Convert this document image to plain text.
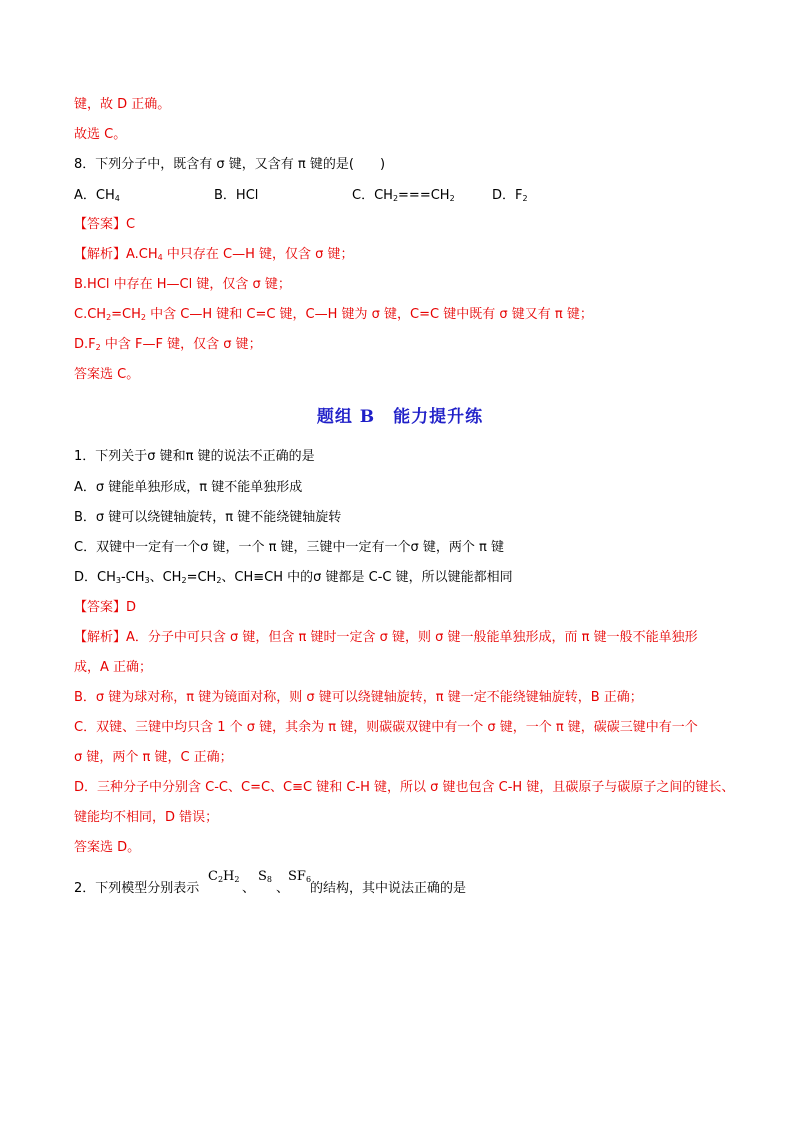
键，故 D 正确。
故选 C。
8．下列分子中，既含有 σ 键，又含有 π 键的是(　　)
A．$CH_4$	B．HCl	C．$CH_2===CH_2$	D．$F_2$
【答案】C
【解析】$A.CH_4$ 中只存在 C—H 键，仅含 σ 键；
B.HCl 中存在 H—Cl 键，仅含 σ 键；
$C.CH_2=CH_2$ 中含 C—H 键和 C=C 键，C—H 键为 σ 键，C=C 键中既有 σ 键又有 π 键；
$D.F_2$ 中含 F—F 键，仅含 σ 键；
答案选 C。
题组 B 能力提升练
1．下列关于σ 键和π 键的说法不正确的是
A．σ 键能单独形成，π 键不能单独形成
B．σ 键可以绕键轴旋转，π 键不能绕键轴旋转
C．双键中一定有一个σ 键，一个 π 键，三键中一定有一个σ 键，两个 π 键
D．$CH_3-CH_3$、$CH_2=CH_2$、CH≡CH 中的σ 键都是 C-C 键，所以键能都相同
【答案】D
【解析】A．分子中可只含 σ 键，但含 π 键时一定含 σ 键，则 σ 键一般能单独形成，而 π 键一般不能单独形
成，A 正确；
B．σ 键为球对称，π 键为镜面对称，则 σ 键可以绕键轴旋转，π 键一定不能绕键轴旋转，B 正确；
C．双键、三键中均只含 1 个 σ 键，其余为 π 键，则碳碳双键中有一个 σ 键，一个 π 键，碳碳三键中有一个
σ 键，两个 π 键，C 正确；
D．三种分子中分别含 C-C、C=C、C≡C 键和 C-H 键，所以 σ 键也包含 C-H 键，且碳原子与碳原子之间的键长、
键能均不相同，D 错误；
答案选 D。
2．下列模型分别表示
$C_2H_2$
、
$S_8$
、
$SF_6$
的结构，其中说法正确的是
